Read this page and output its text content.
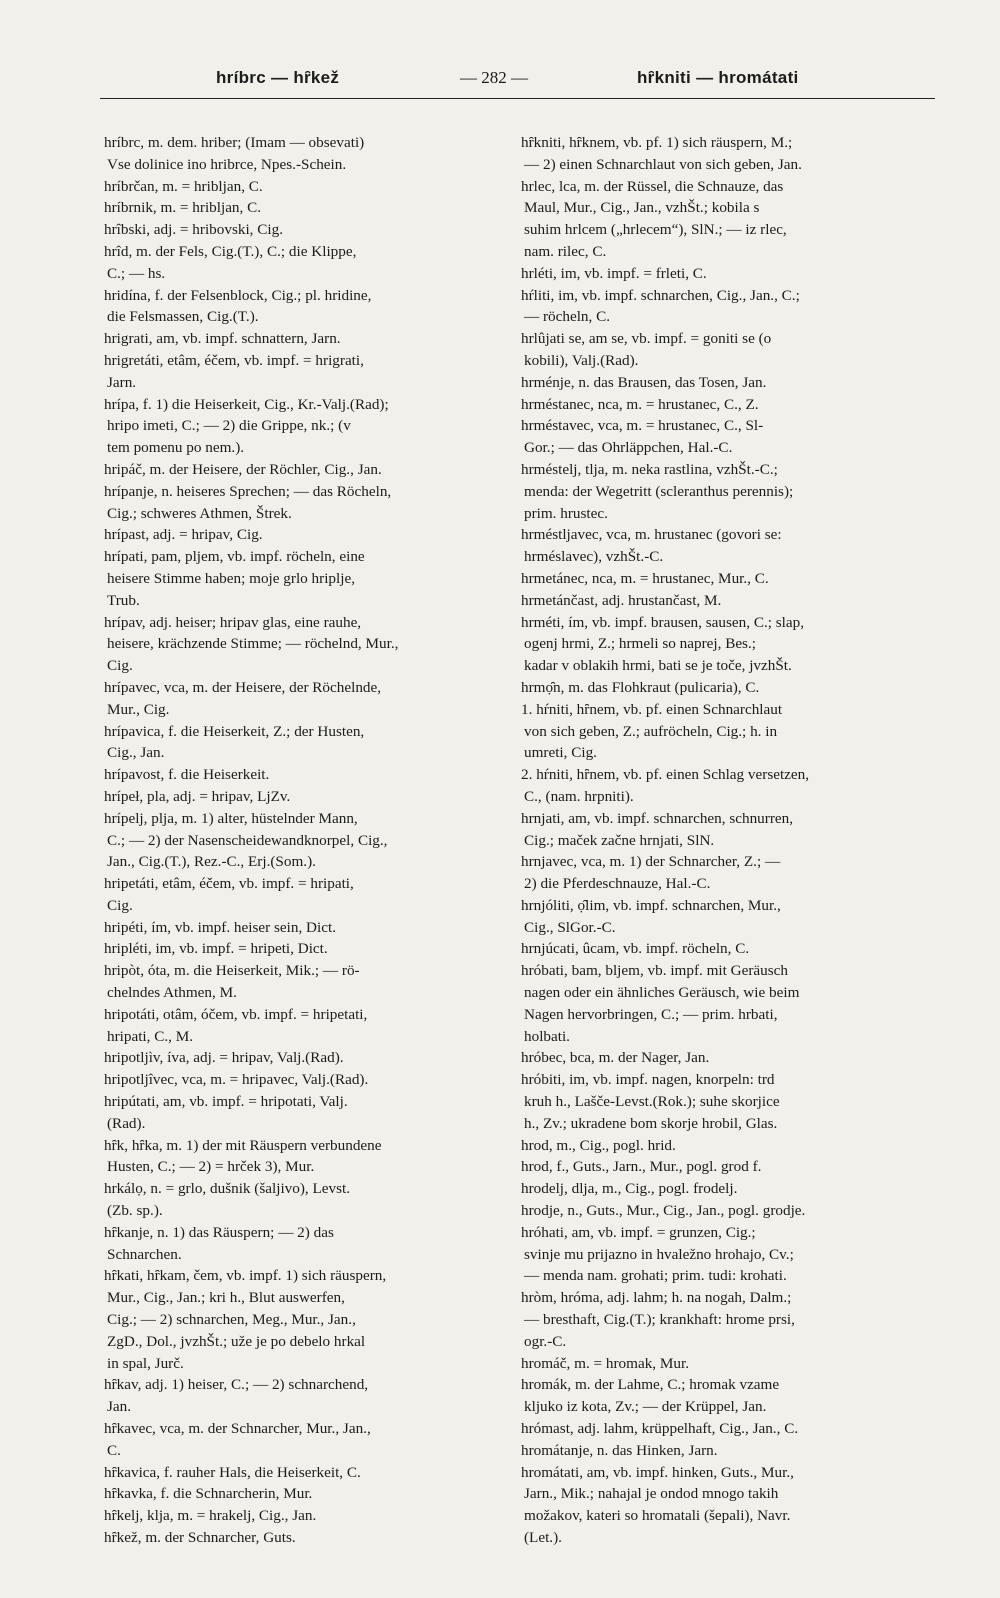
hríbrc — hȓkež	— 282 —	hȓkniti — hromátati
hríbrc, m. dem. hriber; (Imam — obsevati)
Vse dolinice ino hribrce, Npes.-Schein.
hríbrčan, m. = hribljan, C.
hríbrnik, m. = hribljan, C.
hrîbski, adj. = hribovski, Cig.
hrîd, m. der Fels, Cig.(T.), C.; die Klippe,
C.; — hs.
hridína, f. der Felsenblock, Cig.; pl. hridine,
die Felsmassen, Cig.(T.).
hrigrati, am, vb. impf. schnattern, Jarn.
hrigretáti, etâm, éčem, vb. impf. = hrigrati,
Jarn.
hrípa, f. 1) die Heiserkeit, Cig., Kr.-Valj.(Rad);
hripo imeti, C.; — 2) die Grippe, nk.; (v
tem pomenu po nem.).
hripáč, m. der Heisere, der Röchler, Cig., Jan.
hrípanje, n. heiseres Sprechen; — das Röcheln,
Cig.; schweres Athmen, Štrek.
hrípast, adj. = hripav, Cig.
hrípati, pam, pljem, vb. impf. röcheln, eine
heisere Stimme haben; moje grlo hriplje,
Trub.
hrípav, adj. heiser; hripav glas, eine rauhe,
heisere, krächzende Stimme; — röchelnd, Mur.,
Cig.
hrípavec, vca, m. der Heisere, der Röchelnde,
Mur., Cig.
hrípavica, f. die Heiserkeit, Z.; der Husten,
Cig., Jan.
hrípavost, f. die Heiserkeit.
hrípeł, pla, adj. = hripav, LjZv.
hrípelj, plja, m. 1) alter, hüstelnder Mann,
C.; — 2) der Nasenscheidewandknorpel, Cig.,
Jan., Cig.(T.), Rez.-C., Erj.(Som.).
hripetáti, etâm, éčem, vb. impf. = hripati,
Cig.
hripéti, ím, vb. impf. heiser sein, Dict.
hripléti, im, vb. impf. = hripeti, Dict.
hripòt, óta, m. die Heiserkeit, Mik.; — rö-
chelndes Athmen, M.
hripotáti, otâm, óčem, vb. impf. = hripetati,
hripati, C., M.
hripotljìv, íva, adj. = hripav, Valj.(Rad).
hripotljîvec, vca, m. = hripavec, Valj.(Rad).
hripútati, am, vb. impf. = hripotati, Valj.
(Rad).
hȓk, hȓka, m. 1) der mit Räuspern verbundene
Husten, C.; — 2) = hrček 3), Mur.
hrkálọ, n. = grlo, dušnik (šaljivo), Levst.
(Zb. sp.).
hȓkanje, n. 1) das Räuspern; — 2) das
Schnarchen.
hȓkati, hȓkam, čem, vb. impf. 1) sich räuspern,
Mur., Cig., Jan.; kri h., Blut auswerfen,
Cig.; — 2) schnarchen, Meg., Mur., Jan.,
ZgD., Dol., jvzhŠt.; uže je po debelo hrkal
in spal, Jurč.
hȓkav, adj. 1) heiser, C.; — 2) schnarchend,
Jan.
hȓkavec, vca, m. der Schnarcher, Mur., Jan.,
C.
hȓkavica, f. rauher Hals, die Heiserkeit, C.
hȓkavka, f. die Schnarcherin, Mur.
hȓkelj, klja, m. = hrakelj, Cig., Jan.
hȓkež, m. der Schnarcher, Guts.
hȓkniti, hȓknem, vb. pf. 1) sich räuspern, M.;
— 2) einen Schnarchlaut von sich geben, Jan.
hrlec, lca, m. der Rüssel, die Schnauze, das
Maul, Mur., Cig., Jan., vzhŠt.; kobila s
suhim hrlcem („hrlecem“), SlN.; — iz rlec,
nam. rilec, C.
hrléti, im, vb. impf. = frleti, C.
hŕliti, im, vb. impf. schnarchen, Cig., Jan., C.;
— röcheln, C.
hrlûjati se, am se, vb. impf. = goniti se (o
kobili), Valj.(Rad).
hrménje, n. das Brausen, das Tosen, Jan.
hrméstanec, nca, m. = hrustanec, C., Z.
hrméstavec, vca, m. = hrustanec, C., Sl-
Gor.; — das Ohrläppchen, Hal.-C.
hrméstelj, tlja, m. neka rastlina, vzhŠt.-C.;
menda: der Wegetritt (scleranthus perennis);
prim. hrustec.
hrméstljavec, vca, m. hrustanec (govori se:
hrméslavec), vzhŠt.-C.
hrmetánec, nca, m. = hrustanec, Mur., C.
hrmetánčast, adj. hrustančast, M.
hrméti, ím, vb. impf. brausen, sausen, C.; slap,
ogenj hrmi, Z.; hrmeli so naprej, Bes.;
kadar v oblakih hrmi, bati se je toče, jvzhŠt.
hrmọ̑n, m. das Flohkraut (pulicaria), C.
1. hŕniti, hȓnem, vb. pf. einen Schnarchlaut
von sich geben, Z.; aufröcheln, Cig.; h. in
umreti, Cig.
2. hŕniti, hȓnem, vb. pf. einen Schlag versetzen,
C., (nam. hrpniti).
hrnjati, am, vb. impf. schnarchen, schnurren,
Cig.; maček začne hrnjati, SlN.
hrnjavec, vca, m. 1) der Schnarcher, Z.; —
2) die Pferdeschnauze, Hal.-C.
hrnjóliti, ọ̑lim, vb. impf. schnarchen, Mur.,
Cig., SlGor.-C.
hrnjúcati, ûcam, vb. impf. röcheln, C.
hróbati, bam, bljem, vb. impf. mit Geräusch
nagen oder ein ähnliches Geräusch, wie beim
Nagen hervorbringen, C.; — prim. hrbati,
holbati.
hróbec, bca, m. der Nager, Jan.
hróbiti, im, vb. impf. nagen, knorpeln: trd
kruh h., Lašče-Levst.(Rok.); suhe skorjice
h., Zv.; ukradene bom skorje hrobil, Glas.
hrod, m., Cig., pogl. hrid.
hrod, f., Guts., Jarn., Mur., pogl. grod f.
hrodelj, dlja, m., Cig., pogl. frodelj.
hrodje, n., Guts., Mur., Cig., Jan., pogl. grodje.
hróhati, am, vb. impf. = grunzen, Cig.;
svinje mu prijazno in hvaležno hrohajo, Cv.;
— menda nam. grohati; prim. tudi: krohati.
hròm, hróma, adj. lahm; h. na nogah, Dalm.;
— bresthaft, Cig.(T.); krankhaft: hrome prsi,
ogr.-C.
hromáč, m. = hromak, Mur.
hromák, m. der Lahme, C.; hromak vzame
kljuko iz kota, Zv.; — der Krüppel, Jan.
hrómast, adj. lahm, krüppelhaft, Cig., Jan., C.
hromátanje, n. das Hinken, Jarn.
hromátati, am, vb. impf. hinken, Guts., Mur.,
Jarn., Mik.; nahajal je ondod mnogo takih
možakov, kateri so hromatali (šepali), Navr.
(Let.).
